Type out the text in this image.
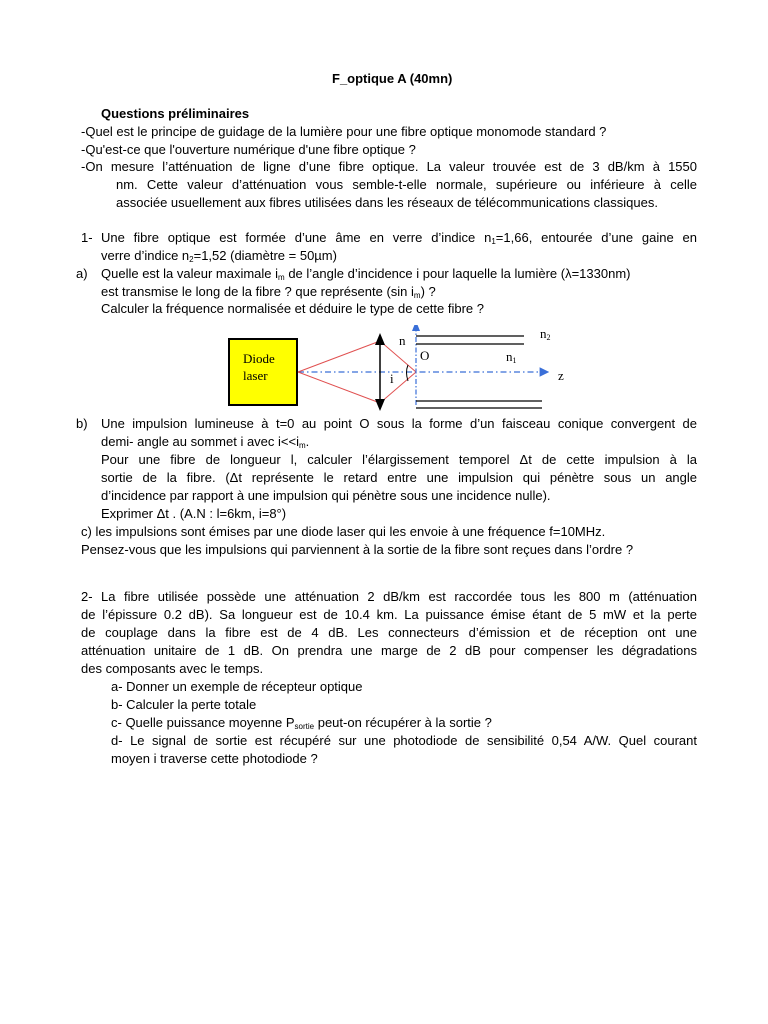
F_optique A (40mn)
Questions préliminaires
-Quel est le principe de guidage de la lumière pour une fibre optique monomode standard ?
-Qu'est-ce que l'ouverture numérique d'une fibre optique ?
-On mesure l’atténuation de ligne d’une fibre optique. La valeur trouvée est de 3 dB/km à 1550
nm. Cette valeur d’atténuation vous semble-t-elle normale, supérieure ou inférieure à celle
associée usuellement aux fibres utilisées dans les réseaux de télécommunications classiques.
1- Une fibre optique est formée d’une âme en verre d’indice $n_1=1,66$, entourée d’une gaine en
verre d’indice $n_2=1,52$ (diamètre = 50µm)
a) Quelle est la valeur maximale $i_m$ de l’angle d’incidence i pour laquelle la lumière (λ=1330nm)
est transmise le long de la fibre ? que représente (sin $i_m$) ?
Calculer la fréquence normalisée et déduire le type de cette fibre ?
Diode
laser
n
O	$n_1$
$n_2$
i	z
b) Une impulsion lumineuse à t=0 au point O sous la forme d’un faisceau conique convergent de
demi- angle au sommet i avec $i<<i_m$.
Pour une fibre de longueur l, calculer l’élargissement temporel Δt de cette impulsion à la
sortie de la fibre. (Δt représente le retard entre une impulsion qui pénètre sous un angle
d’incidence par rapport à une impulsion qui pénètre sous une incidence nulle).
Exprimer Δt . (A.N : l=6km, i=8°)
c) les impulsions sont émises par une diode laser qui les envoie à une fréquence f=10MHz.
Pensez-vous que les impulsions qui parviennent à la sortie de la fibre sont reçues dans l’ordre ?
2- La fibre utilisée possède une atténuation 2 dB/km est raccordée tous les 800 m (atténuation
de l’épissure 0.2 dB). Sa longueur est de 10.4 km. La puissance émise étant de 5 mW et la perte
de couplage dans la fibre est de 4 dB. Les connecteurs d’émission et de réception ont une
atténuation unitaire de 1 dB. On prendra une marge de 2 dB pour compenser les dégradations
des composants avec le temps.
a- Donner un exemple de récepteur optique
b- Calculer la perte totale
c- Quelle puissance moyenne $P_{sortie}$ peut-on récupérer à la sortie ?
d- Le signal de sortie est récupéré sur une photodiode de sensibilité 0,54 A/W. Quel courant
moyen i traverse cette photodiode ?
